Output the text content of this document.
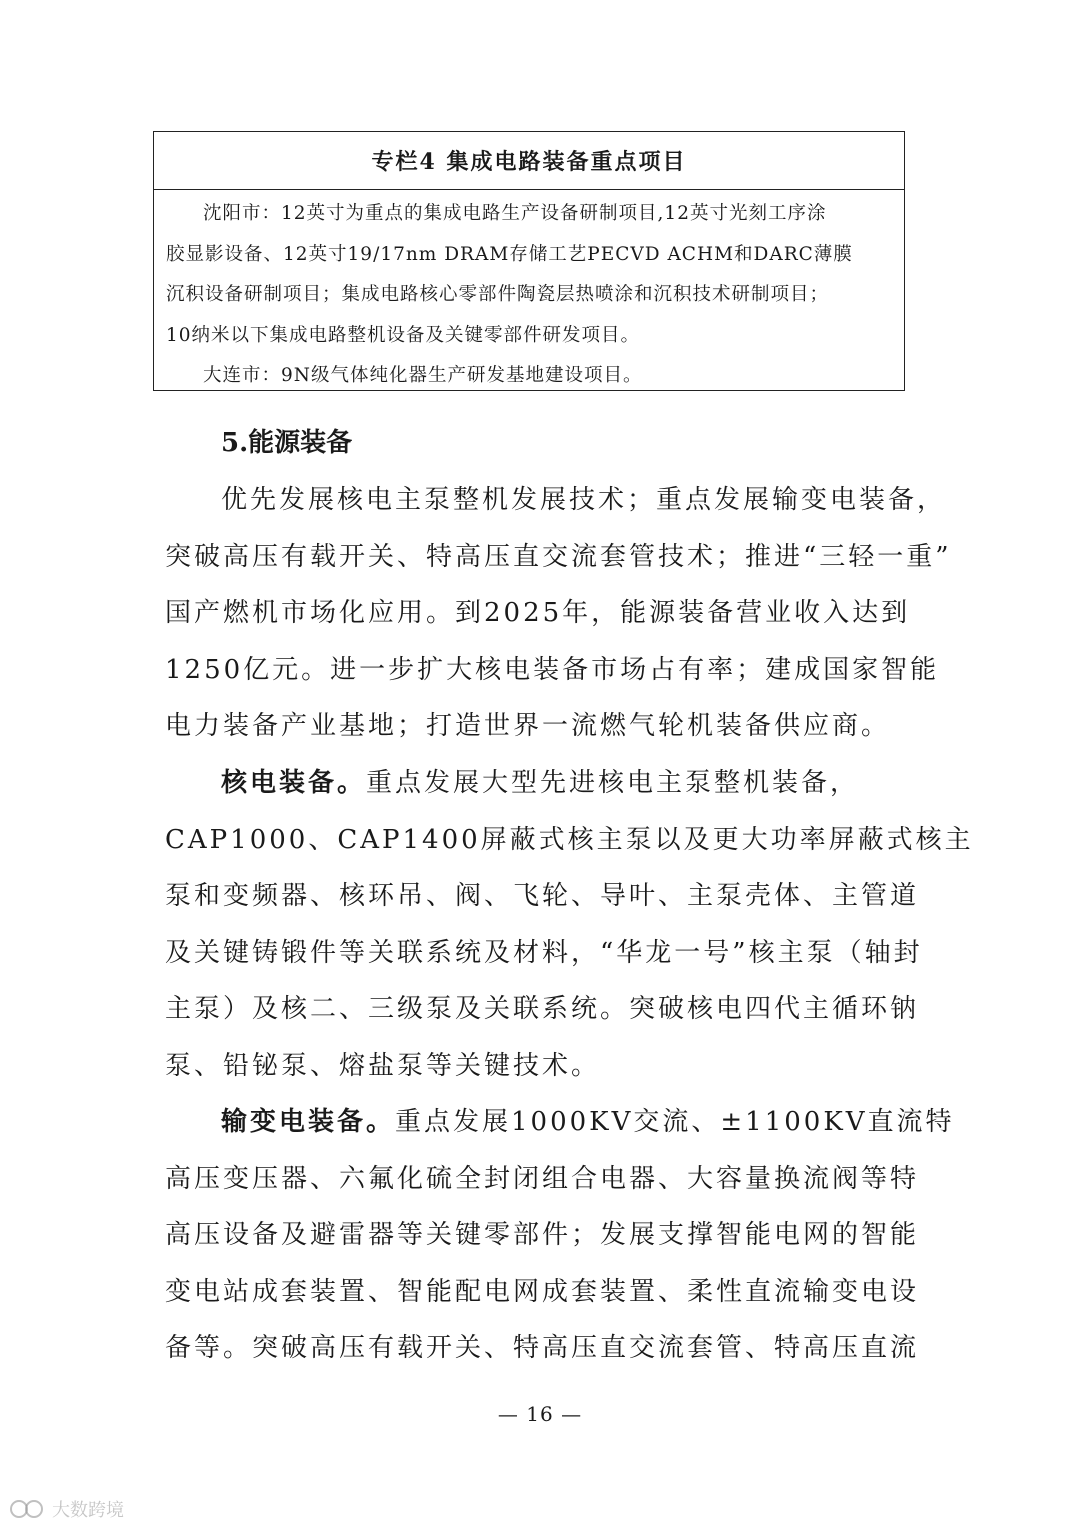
专栏4 集成电路装备重点项目

沈阳市：12英寸为重点的集成电路生产设备研制项目,12英寸光刻工序涂
胶显影设备、12英寸19/17nm DRAM存储工艺PECVD ACHM和DARC薄膜
沉积设备研制项目；集成电路核心零部件陶瓷层热喷涂和沉积技术研制项目；
10纳米以下集成电路整机设备及关键零部件研发项目。

大连市：9N级气体纯化器生产研发基地建设项目。

5.能源装备
优先发展核电主泵整机发展技术；重点发展输变电装备，
突破高压有载开关、特高压直交流套管技术；推进“三轻一重”
国产燃机市场化应用。到2025年，能源装备营业收入达到
1250亿元。进一步扩大核电装备市场占有率；建成国家智能
电力装备产业基地；打造世界一流燃气轮机装备供应商。
核电装备。重点发展大型先进核电主泵整机装备，
CAP1000、CAP1400屏蔽式核主泵以及更大功率屏蔽式核主
泵和变频器、核环吊、阀、飞轮、导叶、主泵壳体、主管道
及关键铸锻件等关联系统及材料，“华龙一号”核主泵（轴封
主泵）及核二、三级泵及关联系统。突破核电四代主循环钠
泵、铅铋泵、熔盐泵等关键技术。
输变电装备。重点发展1000KV交流、±1100KV直流特
高压变压器、六氟化硫全封闭组合电器、大容量换流阀等特
高压设备及避雷器等关键零部件；发展支撑智能电网的智能
变电站成套装置、智能配电网成套装置、柔性直流输变电设
备等。突破高压有载开关、特高压直交流套管、特高压直流
— 16 —
大数跨境
